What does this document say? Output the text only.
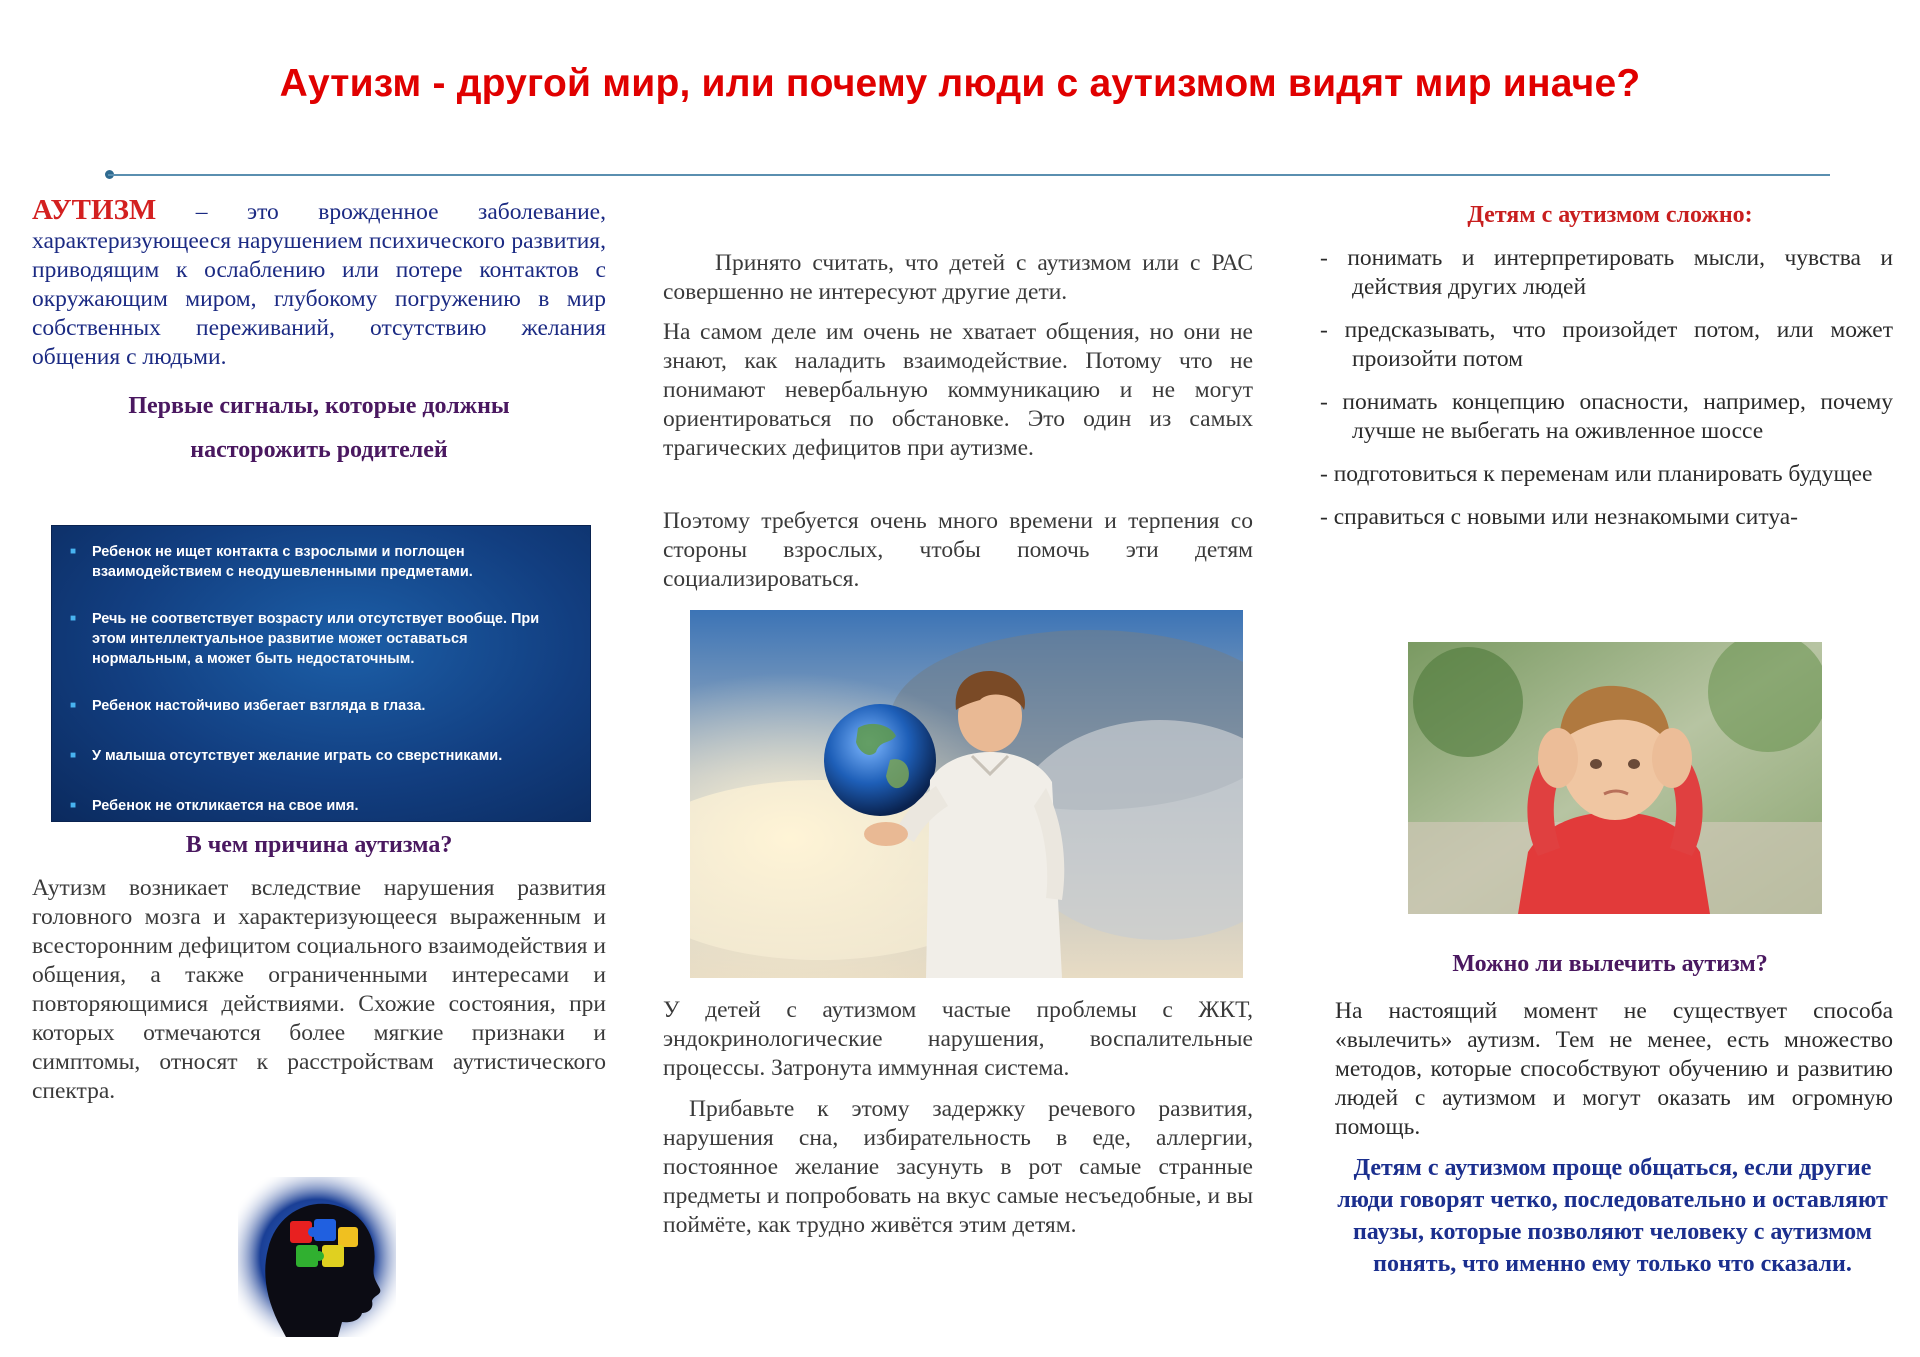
Аутизм - другой мир, или почему люди с аутизмом видят мир иначе?
АУТИЗМ – это врожденное заболевание, характеризующееся нарушением психического развития, приводящим к ослаблению или потере контактов с окружающим миром, глубокому погружению в мир собственных переживаний, отсутствию желания общения с людьми.
Первые сигналы, которые должны
насторожить родителей
■ Ребенок не ищет контакта с взрослыми и поглощен взаимодействием с неодушевленными предметами.
■ Речь не соответствует возрасту или отсутствует вообще. При этом интеллектуальное развитие может оставаться нормальным, а может быть недостаточным.
■ Ребенок настойчиво избегает взгляда в глаза.
■ У малыша отсутствует желание играть со сверстниками.
■ Ребенок не откликается на свое имя.
В чем причина аутизма?
Аутизм возникает вследствие нарушения развития головного мозга и характеризующееся выраженным и всесторонним дефицитом социального взаимодействия и общения, а также ограниченными интересами и повторяющимися действиями. Схожие состояния, при которых отмечаются более мягкие признаки и симптомы, относят к расстройствам аутистического спектра.
Принято считать, что детей с аутизмом или с РАС совершенно не интересуют другие дети.
На самом деле им очень не хватает общения, но они не знают, как наладить взаимодействие. Потому что не понимают невербальную коммуникацию и не могут ориентироваться по обстановке. Это один из самых трагических дефицитов при аутизме.
Поэтому требуется очень много времени и терпения со стороны взрослых, чтобы помочь эти детям социализироваться.
У детей с аутизмом частые проблемы с ЖКТ, эндокринологические нарушения, воспалительные процессы. Затронута иммунная система.
Прибавьте к этому задержку речевого развития, нарушения сна, избирательность в еде, аллергии, постоянное желание засунуть в рот самые странные предметы и попробовать на вкус самые несъедобные, и вы поймёте, как трудно живётся этим детям.
Детям с аутизмом сложно:
- понимать и интерпретировать мысли, чувства и действия других людей
- предсказывать, что произойдет потом, или может произойти потом
- понимать концепцию опасности, например, почему лучше не выбегать на оживленное шоссе
- подготовиться к переменам или планировать будущее
- справиться с новыми или незнакомыми ситуа-
Можно ли вылечить аутизм?
На настоящий момент не существует способа «вылечить» аутизм. Тем не менее, есть множество методов, которые способствуют обучению и развитию людей с аутизмом и могут оказать им огромную помощь.
Детям с аутизмом проще общаться, если другие люди говорят четко, последовательно и оставляют паузы, которые позволяют человеку с аутизмом понять, что именно ему только что сказали.
